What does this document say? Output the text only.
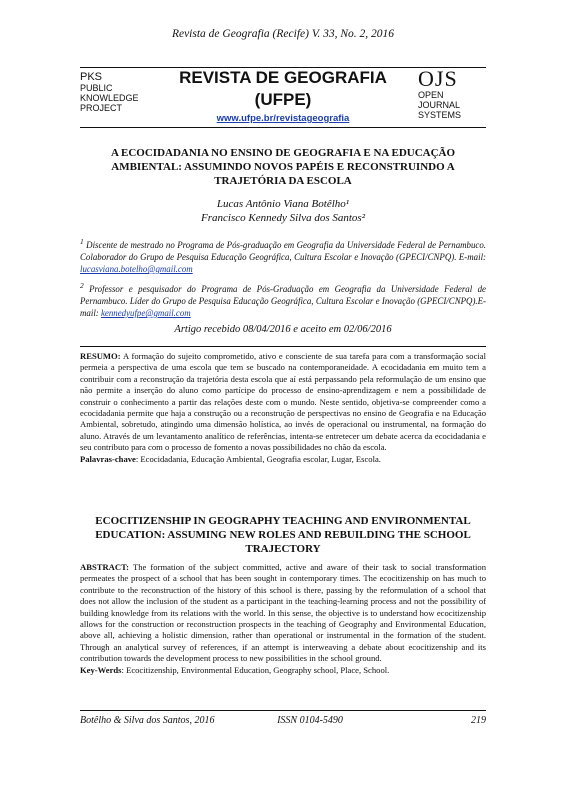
Revista de Geografia (Recife) V. 33, No. 2, 2016
PKS
PUBLIC
KNOWLEDGE
PROJECT
REVISTA DE GEOGRAFIA
(UFPE)
www.ufpe.br/revistageografia
OJS
OPEN
JOURNAL
SYSTEMS
A ECOCIDADANIA NO ENSINO DE GEOGRAFIA E NA EDUCAÇÃO AMBIENTAL: ASSUMINDO NOVOS PAPÉIS E RECONSTRUINDO A TRAJETÓRIA DA ESCOLA
Lucas Antônio Viana Botêlho¹
Francisco Kennedy Silva dos Santos²
$^1$ Discente de mestrado no Programa de Pós-graduação em Geografia da Universidade Federal de Pernambuco. Colaborador do Grupo de Pesquisa Educação Geográfica, Cultura Escolar e Inovação (GPECI/CNPQ). E-mail: lucasviana.botelho@gmail.com
$^2$ Professor e pesquisador do Programa de Pós-Graduação em Geografia da Universidade Federal de Pernambuco. Líder do Grupo de Pesquisa Educação Geográfica, Cultura Escolar e Inovação (GPECI/CNPQ).E-mail: kennedyufpe@gmail.com
Artigo recebido 08/04/2016 e aceito em 02/06/2016
RESUMO: A formação do sujeito comprometido, ativo e consciente de sua tarefa para com a transformação social permeia a perspectiva de uma escola que tem se buscado na contemporaneidade. A ecocidadania em muito tem a contribuir com a reconstrução da trajetória desta escola que aí está perpassando pela reformulação de um ensino que não permite a inserção do aluno como partícipe do processo de ensino-aprendizagem e nem a possibilidade de construir o conhecimento a partir das relações deste com o mundo. Neste sentido, objetiva-se compreender como a ecocidadania permite que haja a construção ou a reconstrução de perspectivas no ensino de Geografia e na Educação Ambiental, sobretudo, atingindo uma dimensão holística, ao invés de operacional ou instrumental, na formação do aluno. Através de um levantamento analítico de referências, intenta-se entretecer um debate acerca da ecocidadania e seu contributo para com o processo de fomento a novas possibilidades no chão da escola.
Palavras-chave: Ecocidadania, Educação Ambiental, Geografia escolar, Lugar, Escola.
ECOCITIZENSHIP IN GEOGRAPHY TEACHING AND ENVIRONMENTAL EDUCATION: ASSUMING NEW ROLES AND REBUILDING THE SCHOOL TRAJECTORY
ABSTRACT: The formation of the subject committed, active and aware of their task to social transformation permeates the prospect of a school that has been sought in contemporary times. The ecocitizenship on has much to contribute to the reconstruction of the history of this school is there, passing by the reformulation of a school that does not allow the inclusion of the student as a participant in the teaching-learning process and not the possibility of building knowledge from its relations with the world. In this sense, the objective is to understand how ecocitizenship allows for the construction or reconstruction prospects in the teaching of Geography and Environmental Education, above all, achieving a holistic dimension, rather than operational or instrumental in the formation of the student. Through an analytical survey of references, if an attempt is interweaving a debate about ecocitizenship and its contribution towards the development process to new possibilities in the school ground.
Key-Werds: Ecocitizenship, Environmental Education, Geography school, Place, School.
Botêlho & Silva dos Santos, 2016	ISSN 0104-5490	219
